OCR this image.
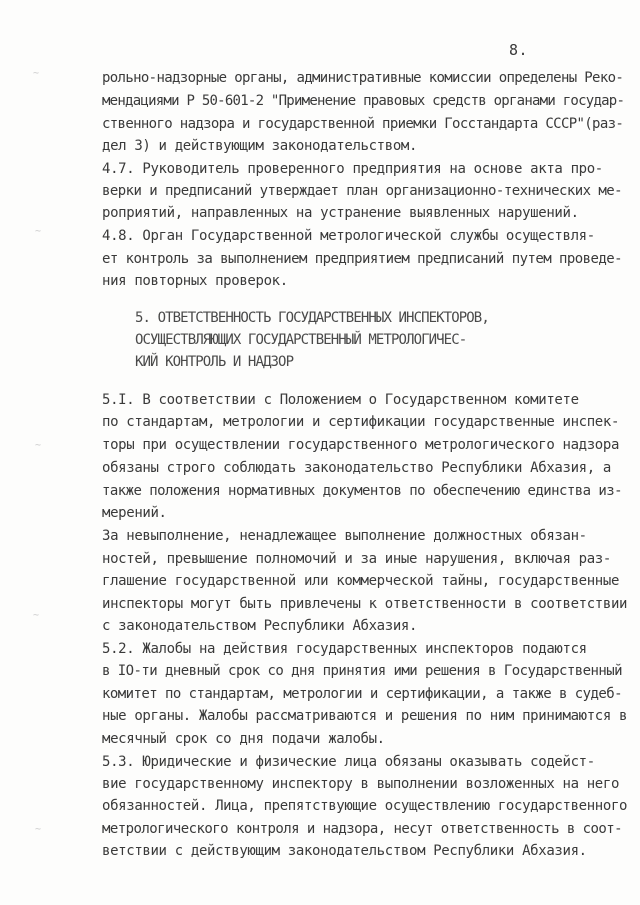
8.
~
~
~
~
~
рольно-надзорные органы, административные комиссии определены Реко-
мендациями Р 50-601-2 "Применение правовых средств органами государ-
ственного надзора и государственной приемки Госстандарта СССР"(раз-
дел 3) и действующим законодательством.
4.7. Руководитель проверенного предприятия на основе акта про-
верки и предписаний утверждает план организационно-технических ме-
роприятий, направленных на устранение выявленных нарушений.
4.8. Орган Государственной метрологической службы осуществля-
ет контроль за выполнением предприятием предписаний путем проведе-
ния повторных проверок.
5. ОТВЕТСТВЕННОСТЬ ГОСУДАРСТВЕННЫХ ИНСПЕКТОРОВ,
ОСУЩЕСТВЛЯЮЩИХ ГОСУДАРСТВЕННЫЙ МЕТРОЛОГИЧЕС-
КИЙ КОНТРОЛЬ И НАДЗОР
5.I. В соответствии с Положением о Государственном комитете
по стандартам, метрологии и сертификации государственные инспек-
торы при осуществлении государственного метрологического надзора
обязаны строго соблюдать законодательство Республики Абхазия, а
также положения нормативных документов по обеспечению единства из-
мерений.
За невыполнение, ненадлежащее выполнение должностных обязан-
ностей, превышение полномочий и за иные нарушения, включая раз-
глашение государственной или коммерческой тайны, государственные
инспекторы могут быть привлечены к ответственности в соответствии
с законодательством Республики Абхазия.
5.2. Жалобы на действия государственных инспекторов подаются
в IO-ти дневный срок со дня принятия ими решения в Государственный
комитет по стандартам, метрологии и сертификации, а также в судеб-
ные органы. Жалобы рассматриваются и решения по ним принимаются в
месячный срок со дня подачи жалобы.
5.3. Юридические и физические лица обязаны оказывать содейст-
вие государственному инспектору в выполнении возложенных на него
обязанностей. Лица, препятствующие осуществлению государственного
метрологического контроля и надзора, несут ответственность в соот-
ветствии с действующим законодательством Республики Абхазия.
